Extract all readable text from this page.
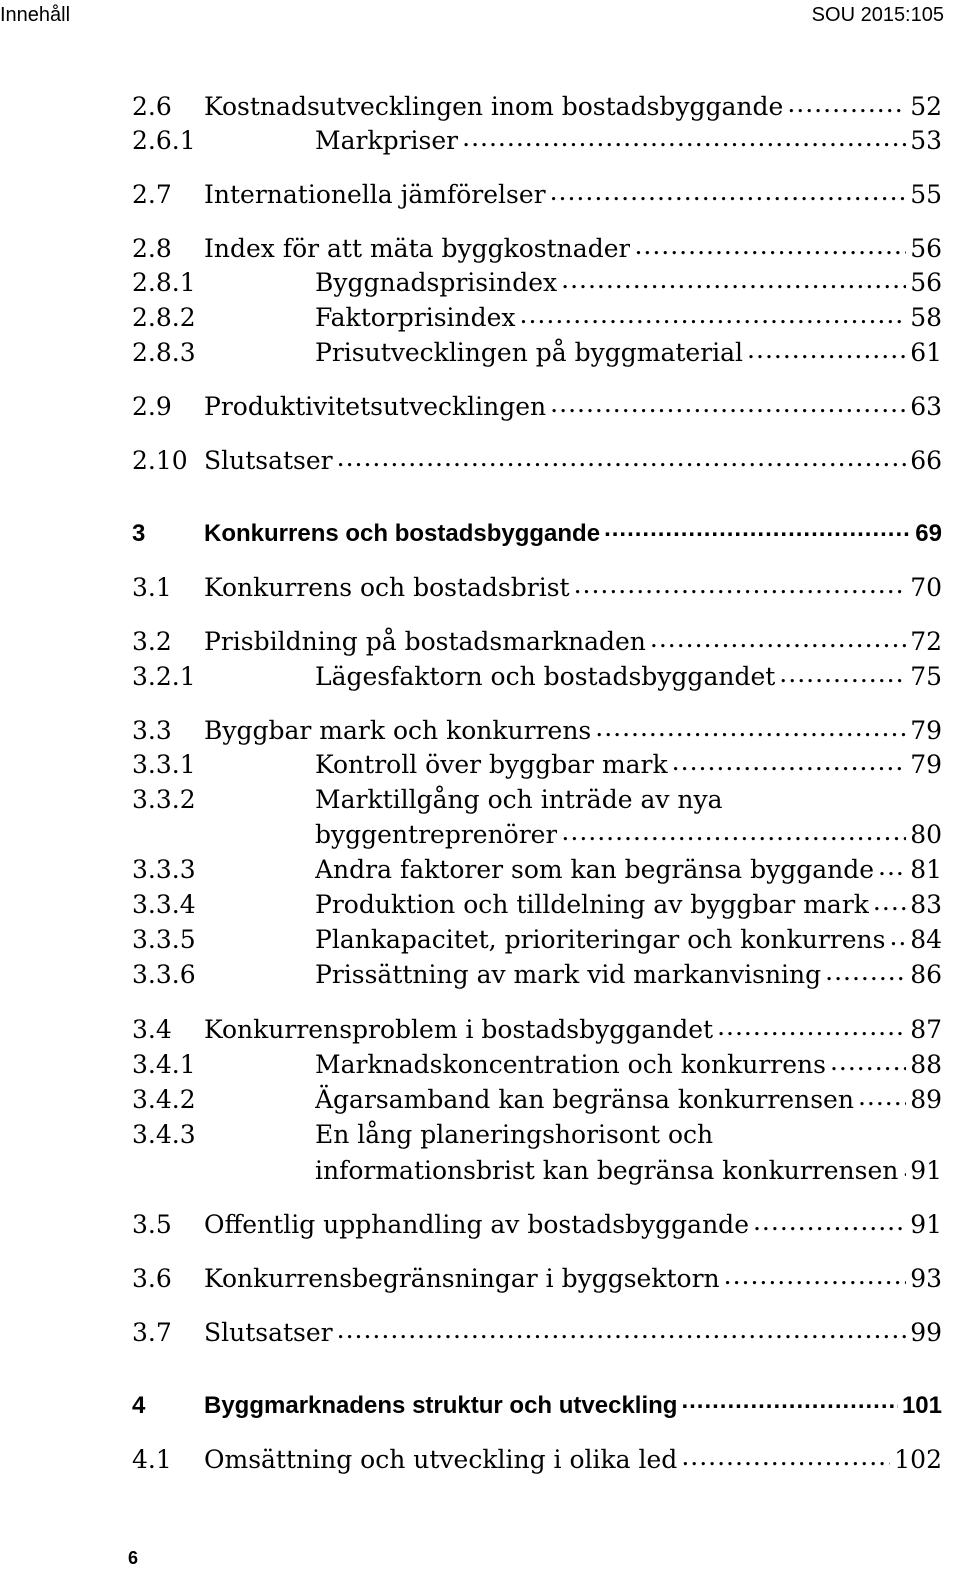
Innehåll	SOU 2015:105
2.6	Kostnadsutvecklingen inom bostadsbyggande .....	52
2.6.1	Markpriser .....	53
2.7	Internationella jämförelser .....	55
2.8	Index för att mäta byggkostnader .....	56
2.8.1	Byggnadsprisindex .....	56
2.8.2	Faktorprisindex .....	58
2.8.3	Prisutvecklingen på byggmaterial .....	61
2.9	Produktivitetsutvecklingen .....	63
2.10 Slutsatser .....	66
3	Konkurrens och bostadsbyggande .....	69
3.1	Konkurrens och bostadsbrist .....	70
3.2	Prisbildning på bostadsmarknaden .....	72
3.2.1	Lägesfaktorn och bostadsbyggandet .....	75
3.3	Byggbar mark och konkurrens .....	79
3.3.1	Kontroll över byggbar mark .....	79
3.3.2	Marktillgång och inträde av nya
byggentreprenörer .....	80
3.3.3	Andra faktorer som kan begränsa byggande ..... 81
3.3.4	Produktion och tilldelning av byggbar mark ..... 83
3.3.5	Plankapacitet, prioriteringar och konkurrens ..... 84
3.3.6	Prissättning av mark vid markanvisning .....	86
3.4	Konkurrensproblem i bostadsbyggandet .....	87
3.4.1	Marknadskoncentration och konkurrens .....	88
3.4.2	Ägarsamband kan begränsa konkurrensen ..... 89
3.4.3	En lång planeringshorisont och
informationsbrist kan begränsa konkurrensen ..... 91
3.5	Offentlig upphandling av bostadsbyggande .....	91
3.6	Konkurrensbegränsningar i byggsektorn .....	93
3.7	Slutsatser .....	99
4	Byggmarknadens struktur och utveckling .....	101
4.1	Omsättning och utveckling i olika led .....	102
6
